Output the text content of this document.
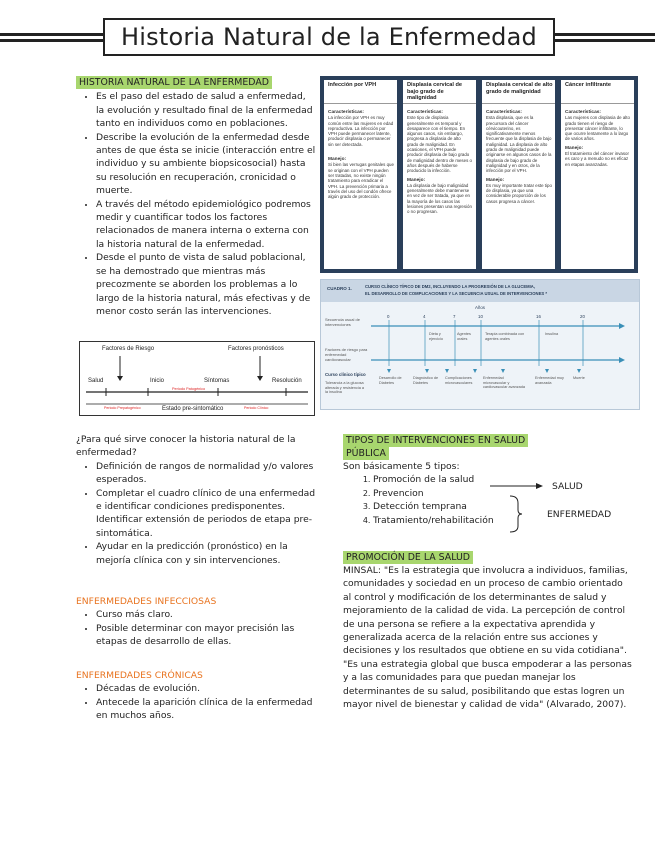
Historia Natural de la Enfermedad
HISTORIA NATURAL DE LA ENFERMEDAD
• Es el paso del estado de salud a enfermedad, la evolución y resultado final de la enfermedad tanto en individuos como en poblaciones.
• Describe la evolución de la enfermedad desde antes de que ésta se inicie (interacción entre el individuo y su ambiente biopsicosocial) hasta su resolución en recuperación, cronicidad o muerte.
• A través del método epidemiológico podremos medir y cuantificar todos los factores relacionados de manera interna o externa con la historia natural de la enfermedad.
• Desde el punto de vista de salud poblacional, se ha demostrado que mientras más precozmente se aborden los problemas a lo largo de la historia natural, más efectivas y de menor costo serán las intervenciones.
Factores de Riesgo	Factores pronósticos
Salud	Inicio	Síntomas	Resolución
Periodo Patogénico
Periodo Prepatogénico	Periodo Clínico
Estado pre-sintomático
Infección por VPH
Características:
La infección por VPH es muy común entre las mujeres en edad reproductiva. La infección por VPH puede permanecer latente, producir displasia o permanecer sin ser detectada.
Manejo:
Si bien las verrugas genitales que se originan con el VPH pueden ser tratadas, no existe ningún tratamiento para erradicar el VPH. La prevención primaria a través del uso del condón ofrece algún grado de protección.
Displasia cervical de bajo grado de malignidad
Características:
Este tipo de displasia generalmente es temporal y desaparece con el tiempo. En algunos casos, sin embargo, progresa a displasia de alto grado de malignidad. En ocasiones, el VPH puede producir displasia de bajo grado de malignidad dentro de meses o años después de haberse producido la infección.
Manejo:
La displasia de bajo malignidad generalmente debe mantenerse en vez de ser tratada, ya que en la mayoría de los casos las lesiones presentan una regresión o no progresan.
Displasia cervical de alto grado de malignidad
Características:
Esta displasia, que es la precursora del cáncer cérvicouterino, es significativamente menos frecuente que la displasia de bajo malignidad. La displasia de alto grado de malignidad puede originarse en algunos casos de la displasia de bajo grado de malignidad y en otros, de la infección por el VPH.
Manejo:
Es muy importante tratar este tipo de displasia, ya que una considerable proporción de los casos progresa a cáncer.
Cáncer infiltrante
Características:
Las mujeres con displasia de alto grado tienen el riesgo de presentar cáncer infiltrante, lo que ocurre lentamente a lo largo de varios años.
Manejo:
El tratamiento del cáncer invasor es caro y a menudo no es eficaz en etapas avanzadas.
CUADRO 1.	CURSO CLÍNICO TÍPICO DE DM2, INCLUYENDO LA PROGRESIÓN DE LA GLUCEMIA,
EL DESARROLLO DE COMPLICACIONES Y LA SECUENCIA USUAL DE INTERVENCIONES *
Años
0	4	7	10	16	20
Secuencia usual de intervenciones
Dieta y ejercicio
Agentes orales
Terapia combinada con agentes orales
Insulina
Factores de riesgo para enfermedad cardiovascular
Curso clínico típico
Tolerancia a la glucosa alterada y resistencia a la insulina
Desarrollo de Diabetes
Diagnóstico de Diabetes
Complicaciones microvasculares
Enfermedad microvascular y cardiovascular avanzada
Enfermedad muy avanzada
Muerte
¿Para qué sirve conocer la historia natural de la enfermedad?
• Definición de rangos de normalidad y/o valores esperados.
• Completar el cuadro clínico de una enfermedad e identificar condiciones predisponentes. Identificar extensión de periodos de etapa pre-sintomática.
• Ayudar en la predicción (pronóstico) en la mejoría clínica con y sin intervenciones.
ENFERMEDADES INFECCIOSAS
• Curso más claro.
• Posible determinar con mayor precisión las etapas de desarrollo de ellas.
ENFERMEDADES CRÓNICAS
• Décadas de evolución.
• Antecede la aparición clínica de la enfermedad en muchos años.
TIPOS DE INTERVENCIONES EN SALUD
PÚBLICA
Son básicamente 5 tipos:
1. Promoción de la salud
2. Prevencion
3. Detección temprana
4. Tratamiento/rehabilitación
SALUD
ENFERMEDAD
PROMOCIÓN DE LA SALUD
MINSAL: "Es la estrategia que involucra a individuos, familias, comunidades y sociedad en un proceso de cambio orientado al control y modificación de los determinantes de salud y mejoramiento de la calidad de vida. La percepción de control de una persona se refiere a la expectativa aprendida y generalizada acerca de la relación entre sus acciones y decisiones y los resultados que obtiene en su vida cotidiana".
"Es una estrategia global que busca empoderar a las personas y a las comunidades para que puedan manejar los determinantes de su salud, posibilitando que estas logren un mayor nivel de bienestar y calidad de vida" (Alvarado, 2007).
